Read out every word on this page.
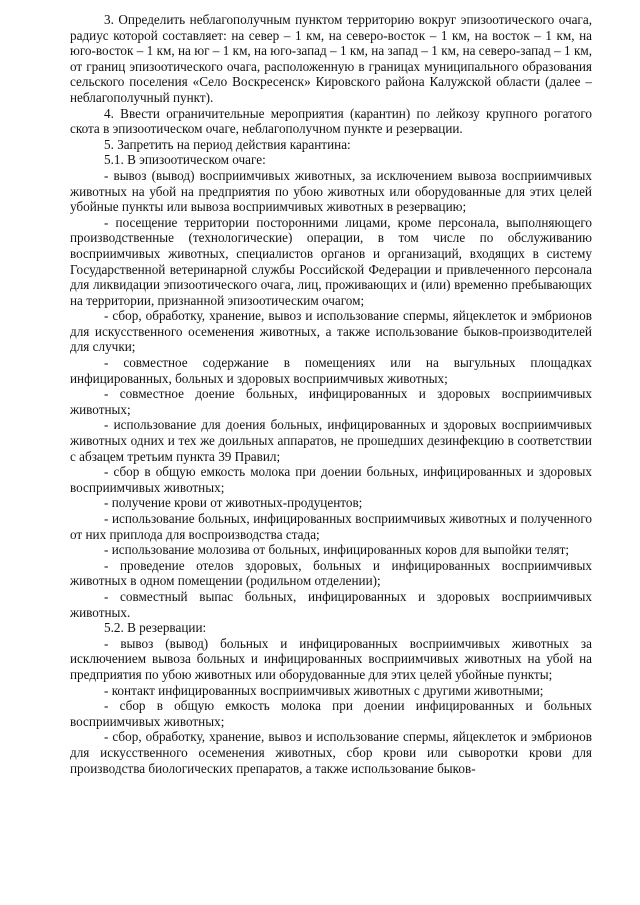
3. Определить неблагополучным пунктом территорию вокруг эпизоотического очага, радиус которой составляет: на север – 1 км, на северо-восток – 1 км, на восток – 1 км, на юго-восток – 1 км, на юг – 1 км, на юго-запад – 1 км, на запад – 1 км, на северо-запад – 1 км, от границ эпизоотического очага, расположенную в границах муниципального образования сельского поселения «Село Воскресенск» Кировского района Калужской области (далее – неблагополучный пункт).

4. Ввести ограничительные мероприятия (карантин) по лейкозу крупного рогатого скота в эпизоотическом очаге, неблагополучном пункте и резервации.

5. Запретить на период действия карантина:

5.1. В эпизоотическом очаге:

- вывоз (вывод) восприимчивых животных, за исключением вывоза восприимчивых животных на убой на предприятия по убою животных или оборудованные для этих целей убойные пункты или вывоза восприимчивых животных в резервацию;

- посещение территории посторонними лицами, кроме персонала, выполняющего производственные (технологические) операции, в том числе по обслуживанию восприимчивых животных, специалистов органов и организаций, входящих в систему Государственной ветеринарной службы Российской Федерации и привлеченного персонала для ликвидации эпизоотического очага, лиц, проживающих и (или) временно пребывающих на территории, признанной эпизоотическим очагом;

- сбор, обработку, хранение, вывоз и использование спермы, яйцеклеток и эмбрионов для искусственного осеменения животных, а также использование быков-производителей для случки;

- совместное содержание в помещениях или на выгульных площадках инфицированных, больных и здоровых восприимчивых животных;

- совместное доение больных, инфицированных и здоровых восприимчивых животных;

- использование для доения больных, инфицированных и здоровых восприимчивых животных одних и тех же доильных аппаратов, не прошедших дезинфекцию в соответствии с абзацем третьим пункта 39 Правил;

- сбор в общую емкость молока при доении больных, инфицированных и здоровых восприимчивых животных;

- получение крови от животных-продуцентов;

- использование больных, инфицированных восприимчивых животных и полученного от них приплода для воспроизводства стада;

- использование молозива от больных, инфицированных коров для выпойки телят;

- проведение отелов здоровых, больных и инфицированных восприимчивых животных в одном помещении (родильном отделении);

- совместный выпас больных, инфицированных и здоровых восприимчивых животных.

5.2. В резервации:

- вывоз (вывод) больных и инфицированных восприимчивых животных за исключением вывоза больных и инфицированных восприимчивых животных на убой на предприятия по убою животных или оборудованные для этих целей убойные пункты;

- контакт инфицированных восприимчивых животных с другими животными;

- сбор в общую емкость молока при доении инфицированных и больных восприимчивых животных;

- сбор, обработку, хранение, вывоз и использование спермы, яйцеклеток и эмбрионов для искусственного осеменения животных, сбор крови или сыворотки крови для производства биологических препаратов, а также использование быков-
